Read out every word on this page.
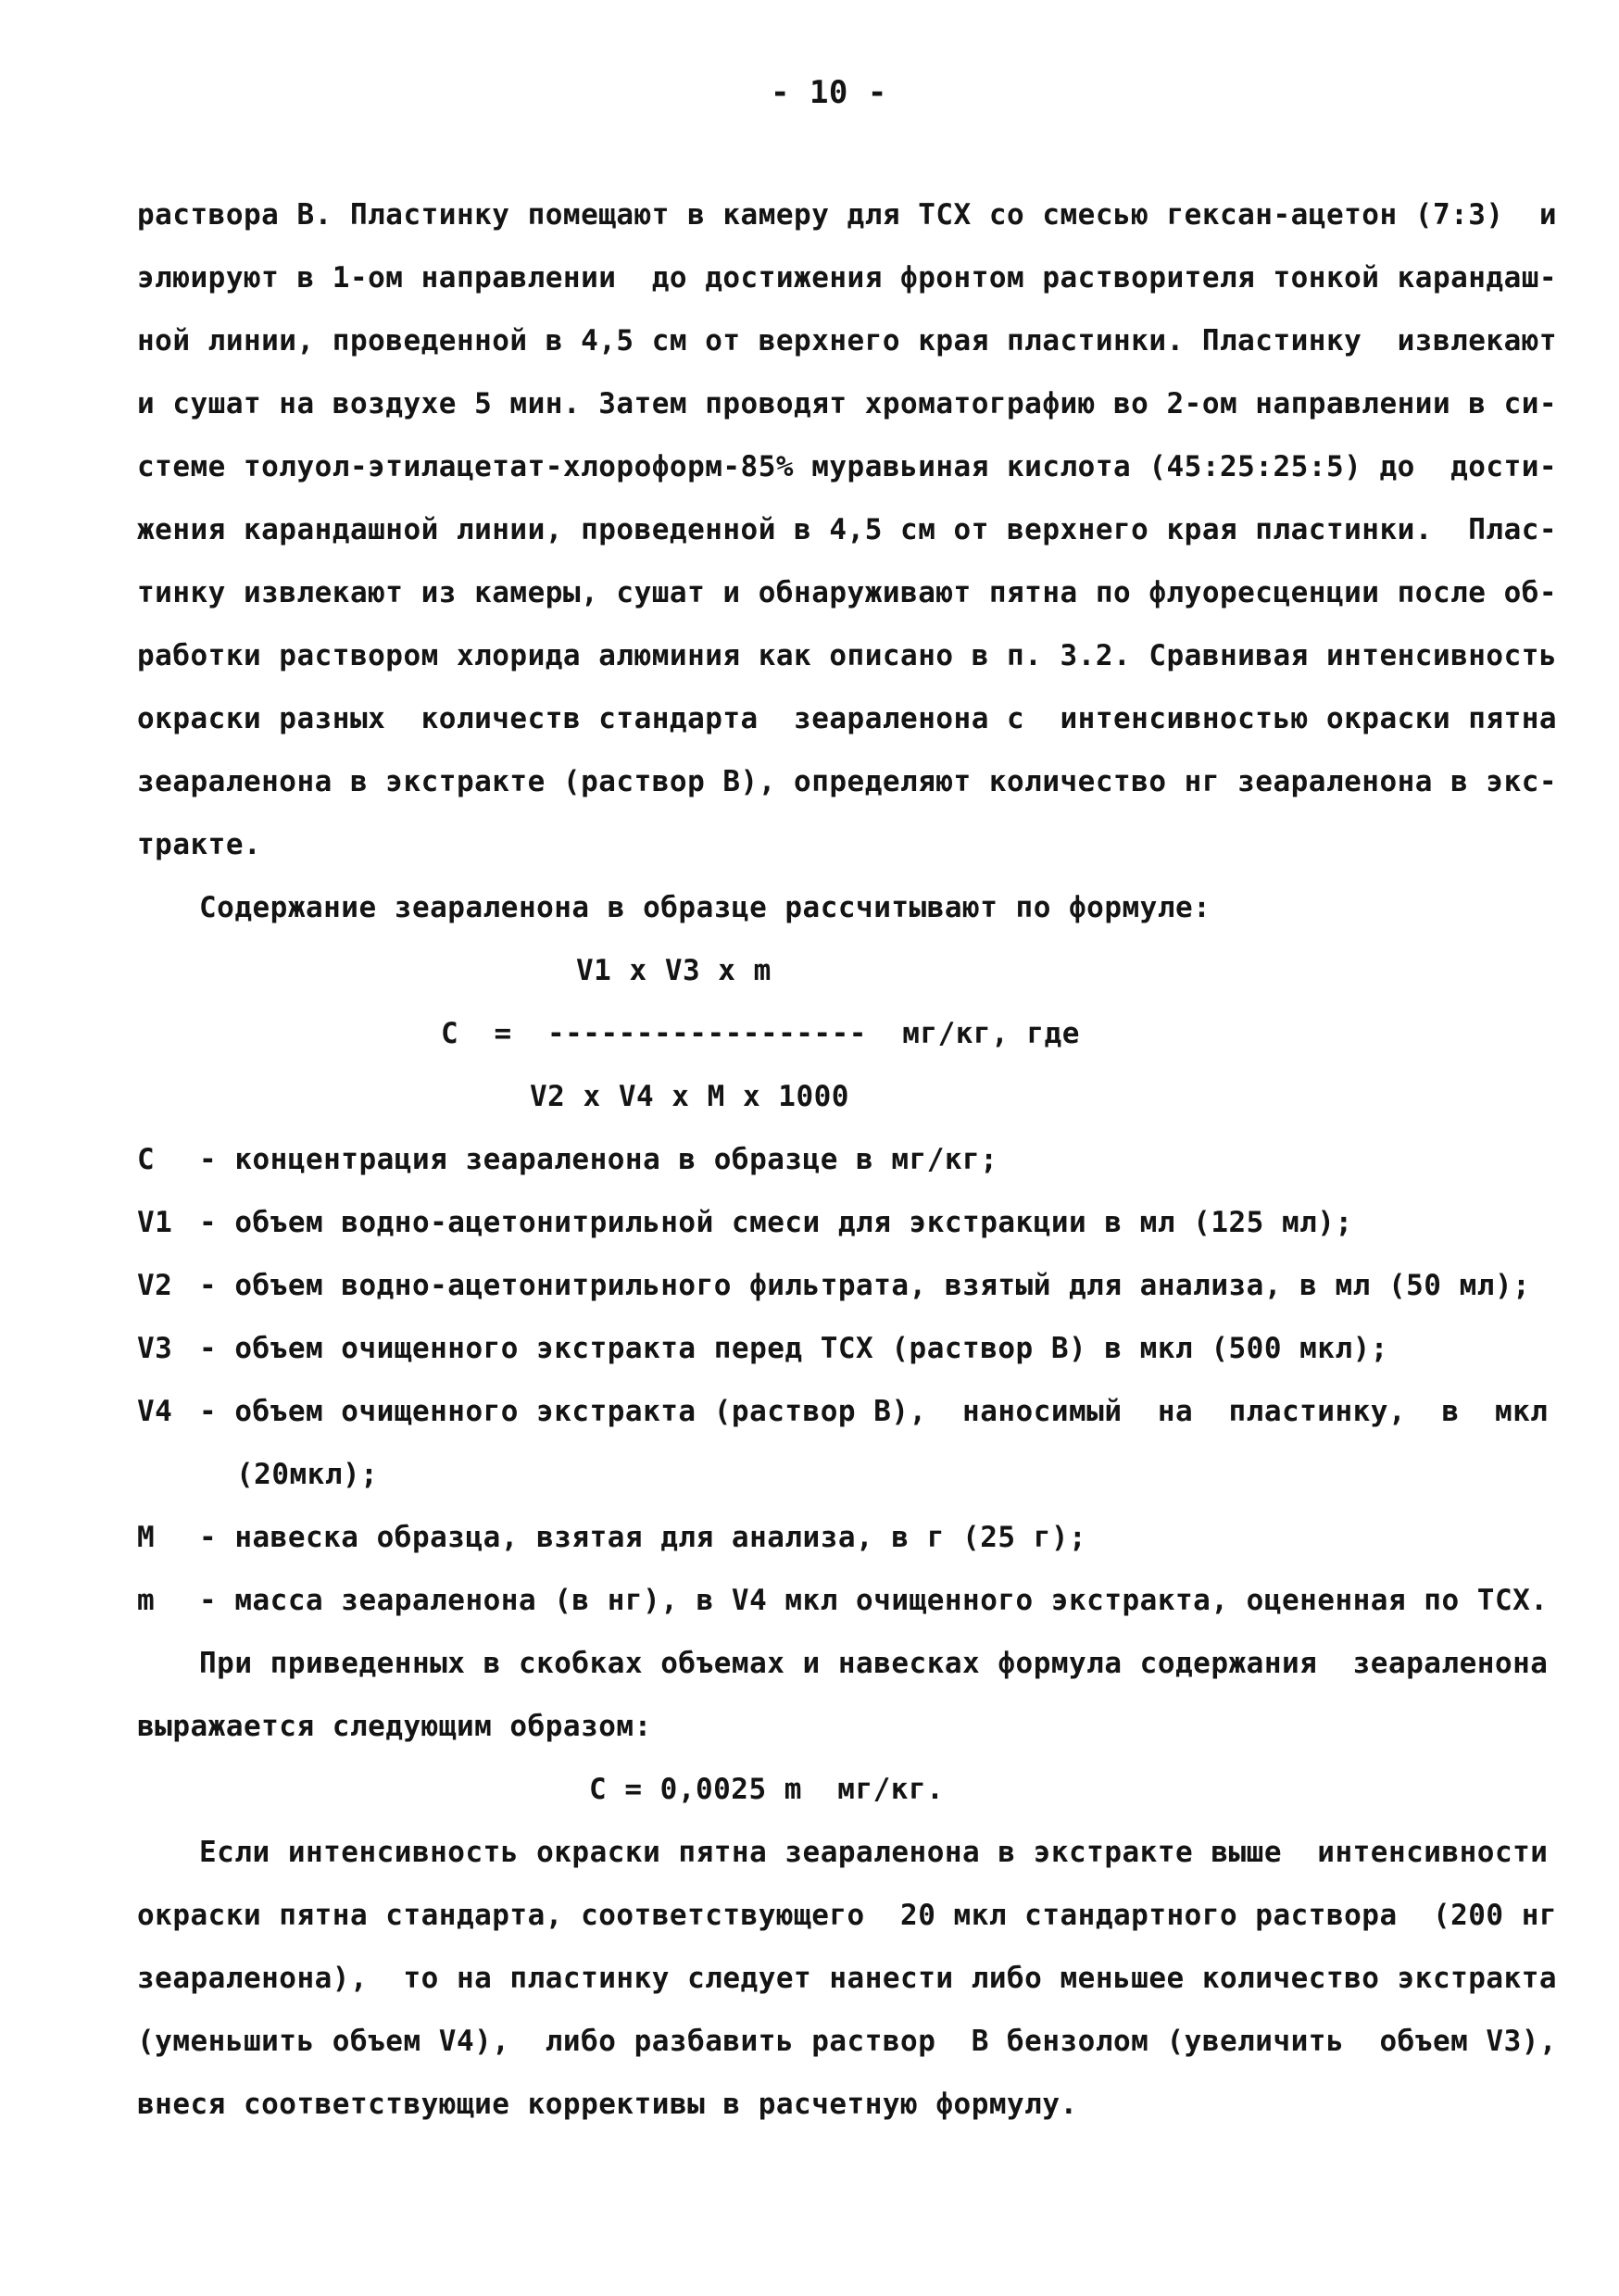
- 10 -
раствора В. Пластинку помещают в камеру для ТСХ со смесью гексан-ацетон (7:3)  и
элюируют в 1-ом направлении  до достижения фронтом растворителя тонкой карандаш-
ной линии, проведенной в 4,5 см от верхнего края пластинки. Пластинку  извлекают
и сушат на воздухе 5 мин. Затем проводят хроматографию во 2-ом направлении в си-
стеме толуол-этилацетат-хлороформ-85% муравьиная кислота (45:25:25:5) до  дости-
жения карандашной линии, проведенной в 4,5 см от верхнего края пластинки.  Плас-
тинку извлекают из камеры, сушат и обнаруживают пятна по флуоресценции после об-
работки раствором хлорида алюминия как описано в п. 3.2. Сравнивая интенсивность
окраски разных  количеств стандарта  зеараленона с  интенсивностью окраски пятна
зеараленона в экстракте (раствор В), определяют количество нг зеараленона в экс-
тракте.
Содержание зеараленона в образце рассчитывают по формуле:
V1 x V3 x m
С  =  ------------------  мг/кг, где
V2 x V4 x M x 1000
C - концентрация зеараленона в образце в мг/кг;
V1 - объем водно-ацетонитрильной смеси для экстракции в мл (125 мл);
V2 - объем водно-ацетонитрильного фильтрата, взятый для анализа, в мл (50 мл);
V3 - объем очищенного экстракта перед ТСХ (раствор В) в мкл (500 мкл);
V4 - объем очищенного экстракта (раствор В),  наносимый  на  пластинку,  в  мкл
(20мкл);
M - навеска образца, взятая для анализа, в г (25 г);
m - масса зеараленона (в нг), в V4 мкл очищенного экстракта, оцененная по ТСХ.
При приведенных в скобках объемах и навесках формула содержания  зеараленона
выражается следующим образом:
С = 0,0025 m  мг/кг.
Если интенсивность окраски пятна зеараленона в экстракте выше  интенсивности
окраски пятна стандарта, соответствующего  20 мкл стандартного раствора  (200 нг
зеараленона),  то на пластинку следует нанести либо меньшее количество экстракта
(уменьшить объем V4),  либо разбавить раствор  В бензолом (увеличить  объем V3),
внеся соответствующие коррективы в расчетную формулу.
